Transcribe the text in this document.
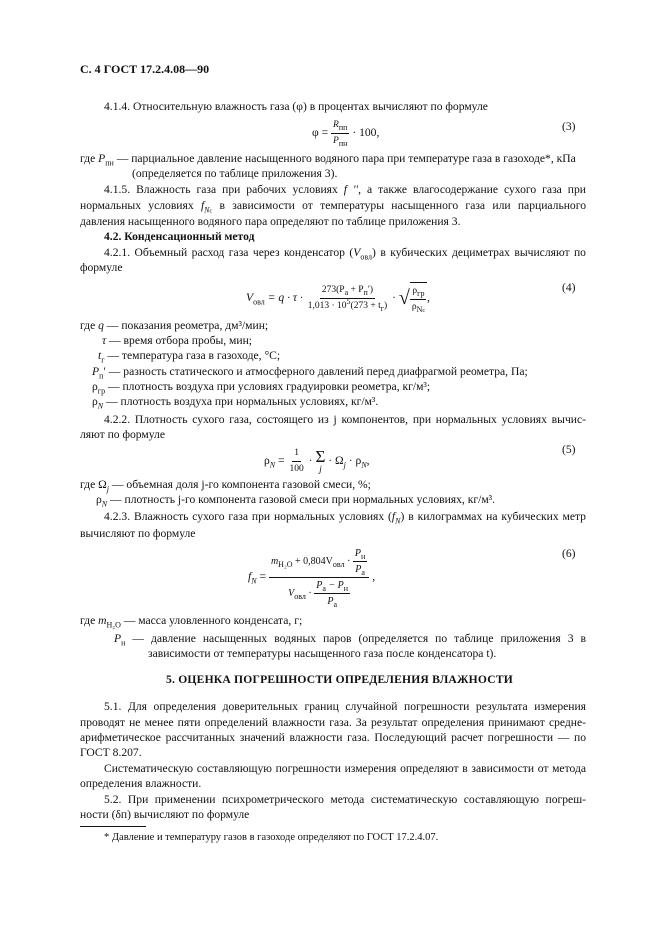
С. 4 ГОСТ 17.2.4.08—90
4.1.4. Относительную влажность газа (φ) в процентах вычисляют по формуле
$\varphi = \frac{R_{пп}}{P_{пн}} \cdot 100$,	(3)
где $P_{пн}$ — парциальное давление насыщенного водяного пара при температуре газа в газоходе*, кПа
(определяется по таблице приложения 3).
4.1.5. Влажность газа при рабочих условиях f ′′, а также влагосодержание сухого газа при
нормальных условиях $f_{Nc}$ в зависимости от температуры насыщенного газа или парциального
давления насыщенного водяного пара определяют по таблице приложения 3.
4.2. Конденсационный метод
4.2.1. Объемный расход газа через конденсатор $(V_{овл})$ в кубических дециметрах вычисляют по
формуле
$V_{овл} = q \cdot \tau \cdot \frac{273(P_a + P_п')}{1,013 \cdot 10^5(273 + t_г)}$ · √ $\frac{\rho_{гр}}{\rho_{Nc}}$ ,
(4)
где q — показания реометра, дм³/мин;
τ — время отбора пробы, мин;
$t_г$ — температура газа в газоходе, °С;
$P_п'$ — разность статического и атмосферного давлений перед диафрагмой реометра, Па;
$\rho_{гр}$ — плотность воздуха при условиях градуировки реометра, кг/м³;
$\rho_N$ — плотность воздуха при нормальных условиях, кг/м³.
4.2.2. Плотность сухого газа, состоящего из j компонентов, при нормальных условиях вычис-
ляют по формуле
$\rho_N = \frac{1}{100} \cdot \Sigma$
j
· $\Omega_j \cdot \rho_N$,
(5)
где $\Omega_j$ — объемная доля j-го компонента газовой смеси, %;
$\rho_N$ — плотность j-го компонента газовой смеси при нормальных условиях, кг/м³.
4.2.3. Влажность сухого газа при нормальных условиях $(f_N)$ в килограммах на кубических метр
вычисляют по формуле
$f_N = \frac{m_{H_2O} + 0,804V_{овл} \cdot \frac{P_н}{P_а}}{V_{овл} \cdot \frac{P_а - P_н}{P_а}}$ ,
(6)
где $m_{H_2O}$ — масса уловленного конденсата, г;
$P_н$ — давление насыщенных водяных паров (определяется по таблице приложения 3 в
зависимости от температуры насыщенного газа после конденсатора t).
5. ОЦЕНКА ПОГРЕШНОСТИ ОПРЕДЕЛЕНИЯ ВЛАЖНОСТИ
5.1. Для определения доверительных границ случайной погрешности результата измерения
проводят не менее пяти определений влажности газа. За результат определения принимают средне-
арифметическое рассчитанных значений влажности газа. Последующий расчет погрешности — по
ГОСТ 8.207.
Систематическую составляющую погрешности измерения определяют в зависимости от метода
определения влажности.
5.2. При применении психрометрического метода систематическую составляющую погреш-
ности (δп) вычисляют по формуле
* Давление и температуру газов в газоходе определяют по ГОСТ 17.2.4.07.
